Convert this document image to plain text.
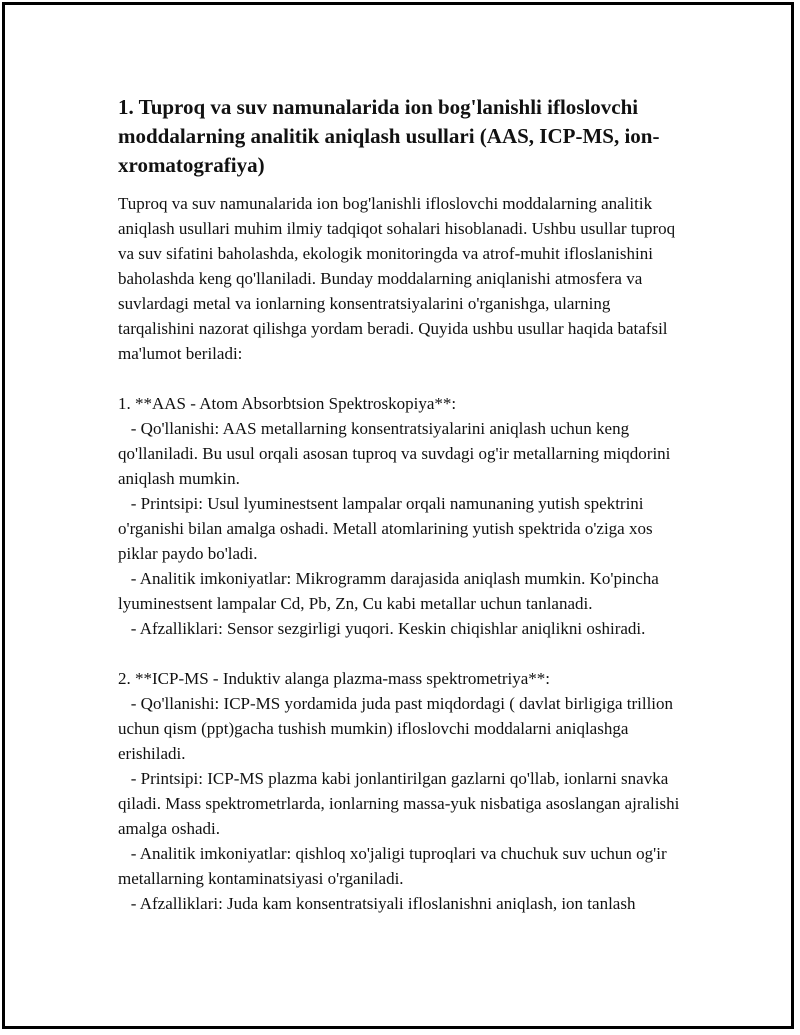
1. Tuproq va suv namunalarida ion bog'lanishli ifloslovchi moddalarning analitik aniqlash usullari (AAS, ICP-MS, ion-xromatografiya)

Tuproq va suv namunalarida ion bog'lanishli ifloslovchi moddalarning analitik aniqlash usullari muhim ilmiy tadqiqot sohalari hisoblanadi. Ushbu usullar tuproq va suv sifatini baholashda, ekologik monitoringda va atrof-muhit ifloslanishini baholashda keng qo'llaniladi. Bunday moddalarning aniqlanishi atmosfera va suvlardagi metal va ionlarning konsentratsiyalarini o'rganishga, ularning tarqalishini nazorat qilishga yordam beradi. Quyida ushbu usullar haqida batafsil ma'lumot beriladi:

1. **AAS - Atom Absorbtsion Spektroskopiya**:

- Qo'llanishi: AAS metallarning konsentratsiyalarini aniqlash uchun keng qo'llaniladi. Bu usul orqali asosan tuproq va suvdagi og'ir metallarning miqdorini aniqlash mumkin.

- Printsipi: Usul lyuminestsent lampalar orqali namunaning yutish spektrini o'rganishi bilan amalga oshadi. Metall atomlarining yutish spektrida o'ziga xos piklar paydo bo'ladi.

- Analitik imkoniyatlar: Mikrogramm darajasida aniqlash mumkin. Ko'pincha lyuminestsent lampalar Cd, Pb, Zn, Cu kabi metallar uchun tanlanadi.

- Afzalliklari: Sensor sezgirligi yuqori. Keskin chiqishlar aniqlikni oshiradi.

2. **ICP-MS - Induktiv alanga plazma-mass spektrometriya**:

- Qo'llanishi: ICP-MS yordamida juda past miqdordagi ( davlat birligiga trillion uchun qism (ppt)gacha tushish mumkin) ifloslovchi moddalarni aniqlashga erishiladi.

- Printsipi: ICP-MS plazma kabi jonlantirilgan gazlarni qo'llab, ionlarni snavka qiladi. Mass spektrometrlarda, ionlarning massa-yuk nisbatiga asoslangan ajralishi amalga oshadi.

- Analitik imkoniyatlar: qishloq xo'jaligi tuproqlari va chuchuk suv uchun og'ir metallarning kontaminatsiyasi o'rganiladi.

- Afzalliklari: Juda kam konsentratsiyali ifloslanishni aniqlash, ion tanlash
